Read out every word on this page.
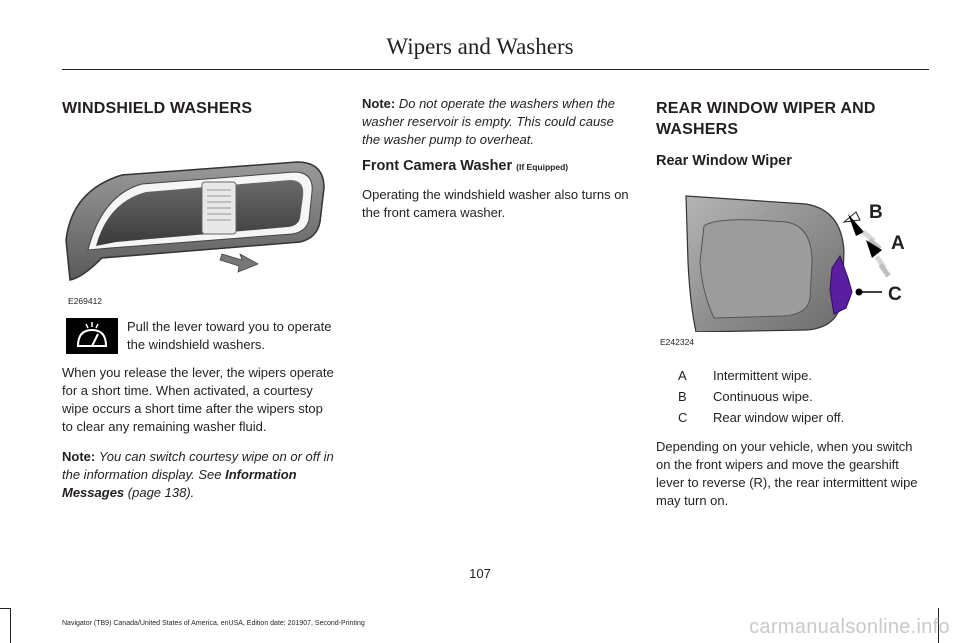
Wipers and Washers
WINDSHIELD WASHERS
E269412
Pull the lever toward you to operate the windshield washers.
When you release the lever, the wipers operate for a short time. When activated, a courtesy wipe occurs a short time after the wipers stop to clear any remaining washer fluid.
Note: You can switch courtesy wipe on or off in the information display. See Information Messages (page 138).
Note: Do not operate the washers when the washer reservoir is empty. This could cause the washer pump to overheat.
Front Camera Washer (If Equipped)
Operating the windshield washer also turns on the front camera washer.
REAR WINDOW WIPER AND
WASHERS
Rear Window Wiper
B
A
C
E242324
A Intermittent wipe.
B Continuous wipe.
C Rear window wiper off.
Depending on your vehicle, when you switch on the front wipers and move the gearshift lever to reverse (R), the rear intermittent wipe may turn on.
107
Navigator (TB9) Canada/United States of America, enUSA, Edition date: 201907, Second-Printing	carmanualsonline.info
